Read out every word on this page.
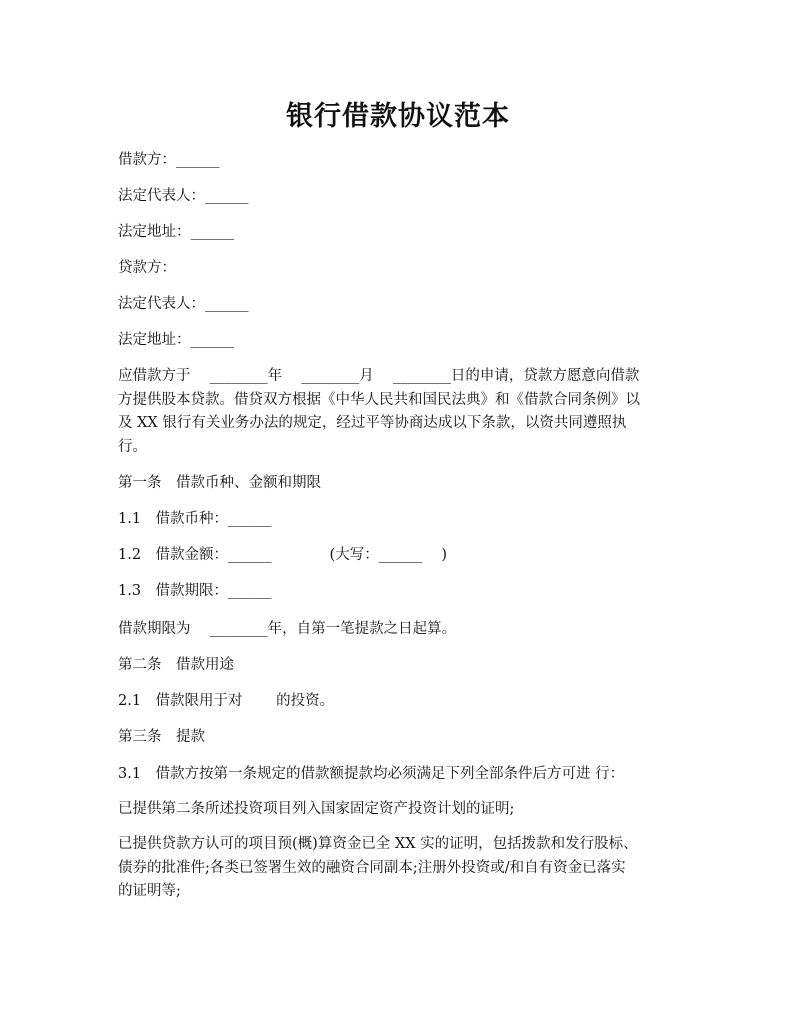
银行借款协议范本
借款方：______
法定代表人：______
法定地址：______
贷款方：
法定代表人：______
法定地址：______
应借款方于　 ________年　 ________月　 ________日的申请，贷款方愿意向借款
方提供股本贷款。借贷双方根据《中华人民共和国民法典》和《借款合同条例》以
及 XX 银行有关业务办法的规定，经过平等协商达成以下条款，以资共同遵照执
行。
第一条　借款币种、金额和期限
1.1　借款币种：______
1.2　借款金额：______　　　　(大写：______　 )
1.3　借款期限：______
借款期限为　 ________年，自第一笔提款之日起算。
第二条　借款用途
2.1　借款限用于对　　 的投资。
第三条　提款
3.1　借款方按第一条规定的借款额提款均必须满足下列全部条件后方可进 行：
已提供第二条所述投资项目列入国家固定资产投资计划的证明;
已提供贷款方认可的项目预(概)算资金已全 XX 实的证明，包括拨款和发行股标、
债券的批准件;各类已签署生效的融资合同副本;注册外投资或/和自有资金已落实
的证明等;
